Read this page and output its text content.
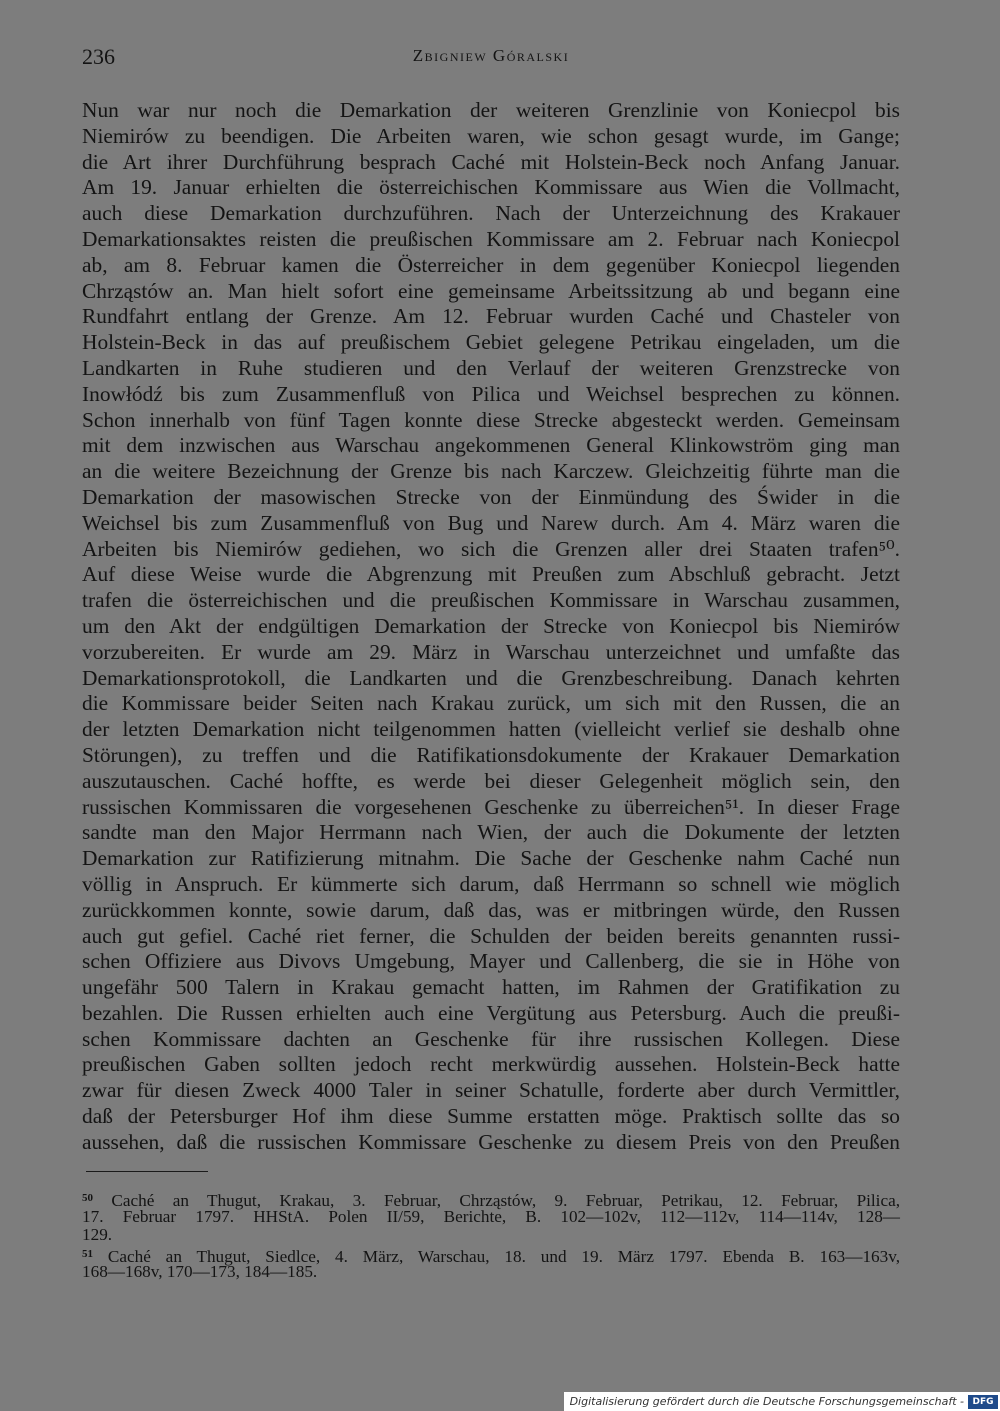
236	Zbigniew Góralski
Nun war nur noch die Demarkation der weiteren Grenzlinie von Koniecpol bis
Niemirów zu beendigen. Die Arbeiten waren, wie schon gesagt wurde, im Gange;
die Art ihrer Durchführung besprach Caché mit Holstein-Beck noch Anfang Januar.
Am 19. Januar erhielten die österreichischen Kommissare aus Wien die Vollmacht,
auch diese Demarkation durchzuführen. Nach der Unterzeichnung des Krakauer
Demarkationsaktes reisten die preußischen Kommissare am 2. Februar nach Koniecpol
ab, am 8. Februar kamen die Österreicher in dem gegenüber Koniecpol liegenden
Chrząstów an. Man hielt sofort eine gemeinsame Arbeitssitzung ab und begann eine
Rundfahrt entlang der Grenze. Am 12. Februar wurden Caché und Chasteler von
Holstein-Beck in das auf preußischem Gebiet gelegene Petrikau eingeladen, um die
Landkarten in Ruhe studieren und den Verlauf der weiteren Grenzstrecke von
Inowłódź bis zum Zusammenfluß von Pilica und Weichsel besprechen zu können.
Schon innerhalb von fünf Tagen konnte diese Strecke abgesteckt werden. Gemeinsam
mit dem inzwischen aus Warschau angekommenen General Klinkowström ging man
an die weitere Bezeichnung der Grenze bis nach Karczew. Gleichzeitig führte man die
Demarkation der masowischen Strecke von der Einmündung des Świder in die
Weichsel bis zum Zusammenfluß von Bug und Narew durch. Am 4. März waren die
Arbeiten bis Niemirów gediehen, wo sich die Grenzen aller drei Staaten trafen⁵⁰.
Auf diese Weise wurde die Abgrenzung mit Preußen zum Abschluß gebracht. Jetzt
trafen die österreichischen und die preußischen Kommissare in Warschau zusammen,
um den Akt der endgültigen Demarkation der Strecke von Koniecpol bis Niemirów
vorzubereiten. Er wurde am 29. März in Warschau unterzeichnet und umfaßte das
Demarkationsprotokoll, die Landkarten und die Grenzbeschreibung. Danach kehrten
die Kommissare beider Seiten nach Krakau zurück, um sich mit den Russen, die an
der letzten Demarkation nicht teilgenommen hatten (vielleicht verlief sie deshalb ohne
Störungen), zu treffen und die Ratifikationsdokumente der Krakauer Demarkation
auszutauschen. Caché hoffte, es werde bei dieser Gelegenheit möglich sein, den
russischen Kommissaren die vorgesehenen Geschenke zu überreichen⁵¹. In dieser Frage
sandte man den Major Herrmann nach Wien, der auch die Dokumente der letzten
Demarkation zur Ratifizierung mitnahm. Die Sache der Geschenke nahm Caché nun
völlig in Anspruch. Er kümmerte sich darum, daß Herrmann so schnell wie möglich
zurückkommen konnte, sowie darum, daß das, was er mitbringen würde, den Russen
auch gut gefiel. Caché riet ferner, die Schulden der beiden bereits genannten russi-
schen Offiziere aus Divovs Umgebung, Mayer und Callenberg, die sie in Höhe von
ungefähr 500 Talern in Krakau gemacht hatten, im Rahmen der Gratifikation zu
bezahlen. Die Russen erhielten auch eine Vergütung aus Petersburg. Auch die preußi-
schen Kommissare dachten an Geschenke für ihre russischen Kollegen. Diese
preußischen Gaben sollten jedoch recht merkwürdig aussehen. Holstein-Beck hatte
zwar für diesen Zweck 4000 Taler in seiner Schatulle, forderte aber durch Vermittler,
daß der Petersburger Hof ihm diese Summe erstatten möge. Praktisch sollte das so
aussehen, daß die russischen Kommissare Geschenke zu diesem Preis von den Preußen
$^{50}$ Caché an Thugut, Krakau, 3. Februar, Chrząstów, 9. Februar, Petrikau, 12. Februar, Pilica,
17. Februar 1797. HHStA. Polen II/59, Berichte, B. 102—102v, 112—112v, 114—114v, 128—
129.
$^{51}$ Caché an Thugut, Siedlce, 4. März, Warschau, 18. und 19. März 1797. Ebenda B. 163—163v,
168—168v, 170—173, 184—185.
Digitalisierung gefördert durch die Deutsche Forschungsgemeinschaft - DFG
